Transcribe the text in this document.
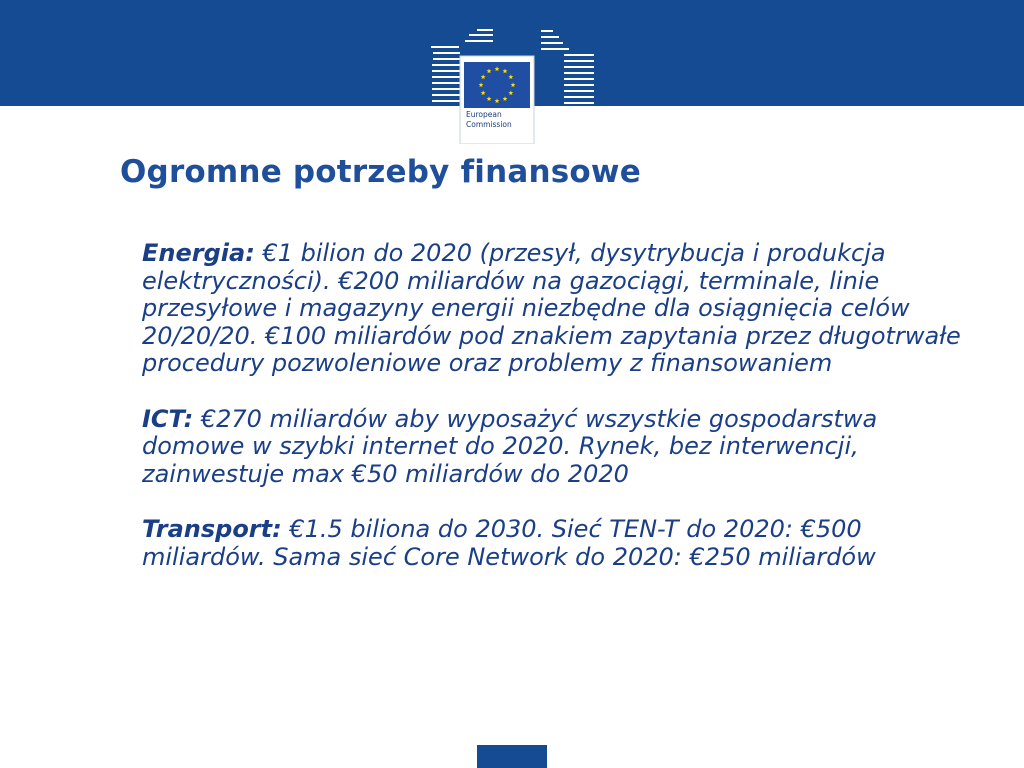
European
Commission
Ogromne potrzeby finansowe

Energia: €1 bilion do 2020 (przesył, dysytrybucja i produkcja elektryczności). €200 miliardów na gazociągi, terminale, linie przesyłowe i magazyny energii niezbędne dla osiągnięcia celów 20/20/20. €100 miliardów pod znakiem zapytania przez długotrwałe procedury pozwoleniowe oraz problemy z finansowaniem

ICT: €270 miliardów aby wyposażyć wszystkie gospodarstwa domowe w szybki internet do 2020. Rynek, bez interwencji, zainwestuje max €50 miliardów do 2020

Transport: €1.5 biliona do 2030. Sieć TEN-T do 2020: €500 miliardów. Sama sieć Core Network do 2020: €250 miliardów
